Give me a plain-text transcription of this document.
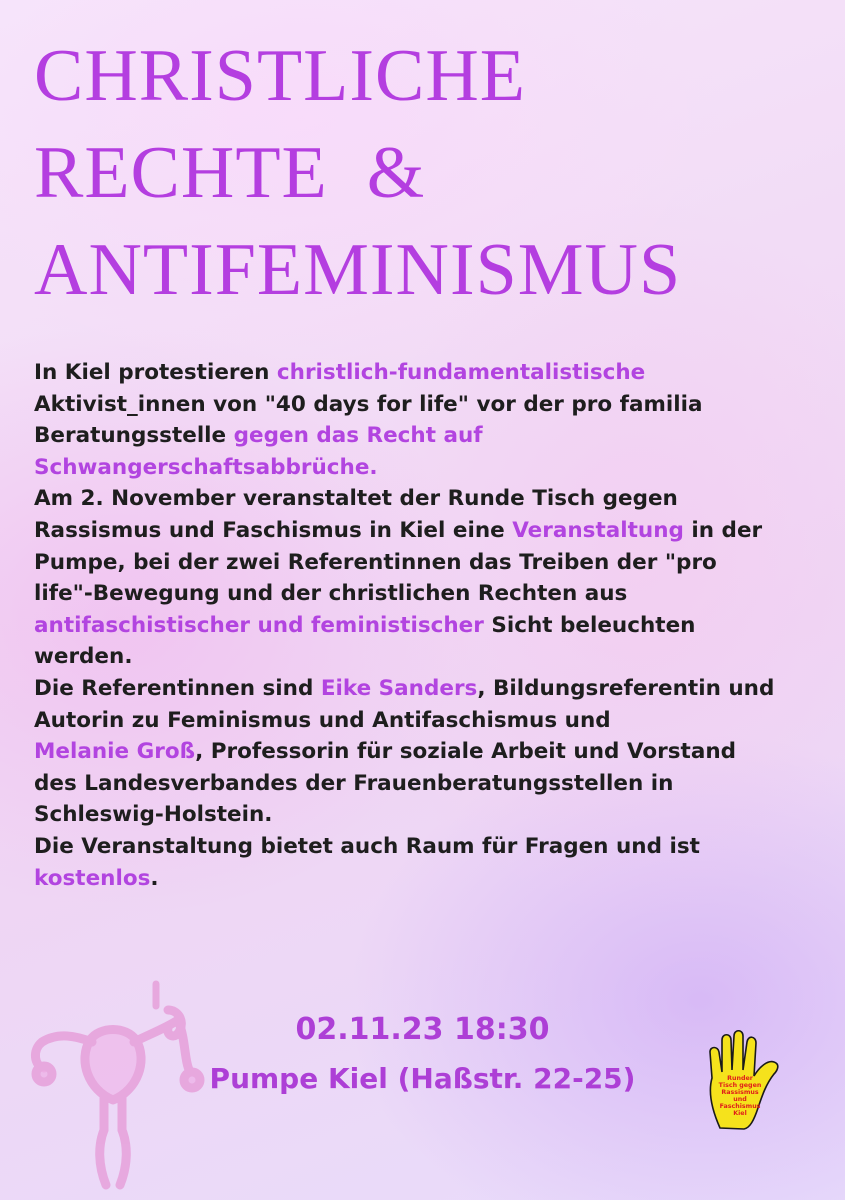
CHRISTLICHE
RECHTE  &
ANTIFEMINISMUS

In Kiel protestieren christlich-fundamentalistische

Aktivist_innen von "40 days for life" vor der pro familia

Beratungsstelle gegen das Recht auf

Schwangerschaftsabbrüche.

Am 2. November veranstaltet der Runde Tisch gegen

Rassismus und Faschismus in Kiel eine Veranstaltung in der

Pumpe, bei der zwei Referentinnen das Treiben der "pro

life"-Bewegung und der christlichen Rechten aus

antifaschistischer und feministischer Sicht beleuchten

werden.

Die Referentinnen sind Eike Sanders, Bildungsreferentin und

Autorin zu Feminismus und Antifaschismus und

Melanie Groß, Professorin für soziale Arbeit und Vorstand

des Landesverbandes der Frauenberatungsstellen in

Schleswig-Holstein.

Die Veranstaltung bietet auch Raum für Fragen und ist

kostenlos.

02.11.23 18:30
Pumpe Kiel (Haßstr. 22-25)	Runder
Tisch gegen
Rassismus
und
Faschismus
Kiel
